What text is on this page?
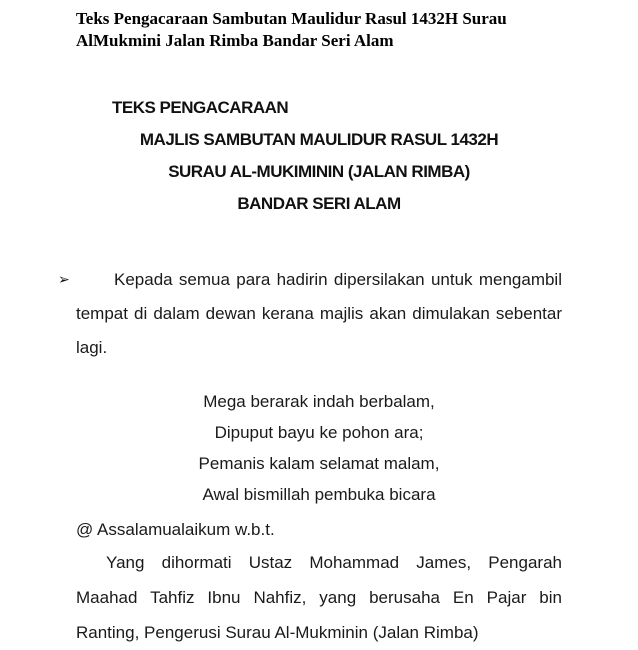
Teks Pengacaraan Sambutan Maulidur Rasul 1432H Surau AlMukmini Jalan Rimba Bandar Seri Alam
TEKS PENGACARAAN
MAJLIS SAMBUTAN MAULIDUR RASUL 1432H
SURAU AL-MUKIMININ (JALAN RIMBA)
BANDAR SERI ALAM
➢	Kepada semua para hadirin dipersilakan untuk mengambil tempat di dalam dewan kerana majlis akan dimulakan sebentar lagi.

Mega berarak indah berbalam,
Dipuput bayu ke pohon ara;
Pemanis kalam selamat malam,
Awal bismillah pembuka bicara
@ Assalamualaikum w.b.t.

Yang dihormati Ustaz Mohammad James, Pengarah Maahad Tahfiz Ibnu Nahfiz, yang berusaha En Pajar bin Ranting, Pengerusi Surau Al-Mukminin (Jalan Rimba)
